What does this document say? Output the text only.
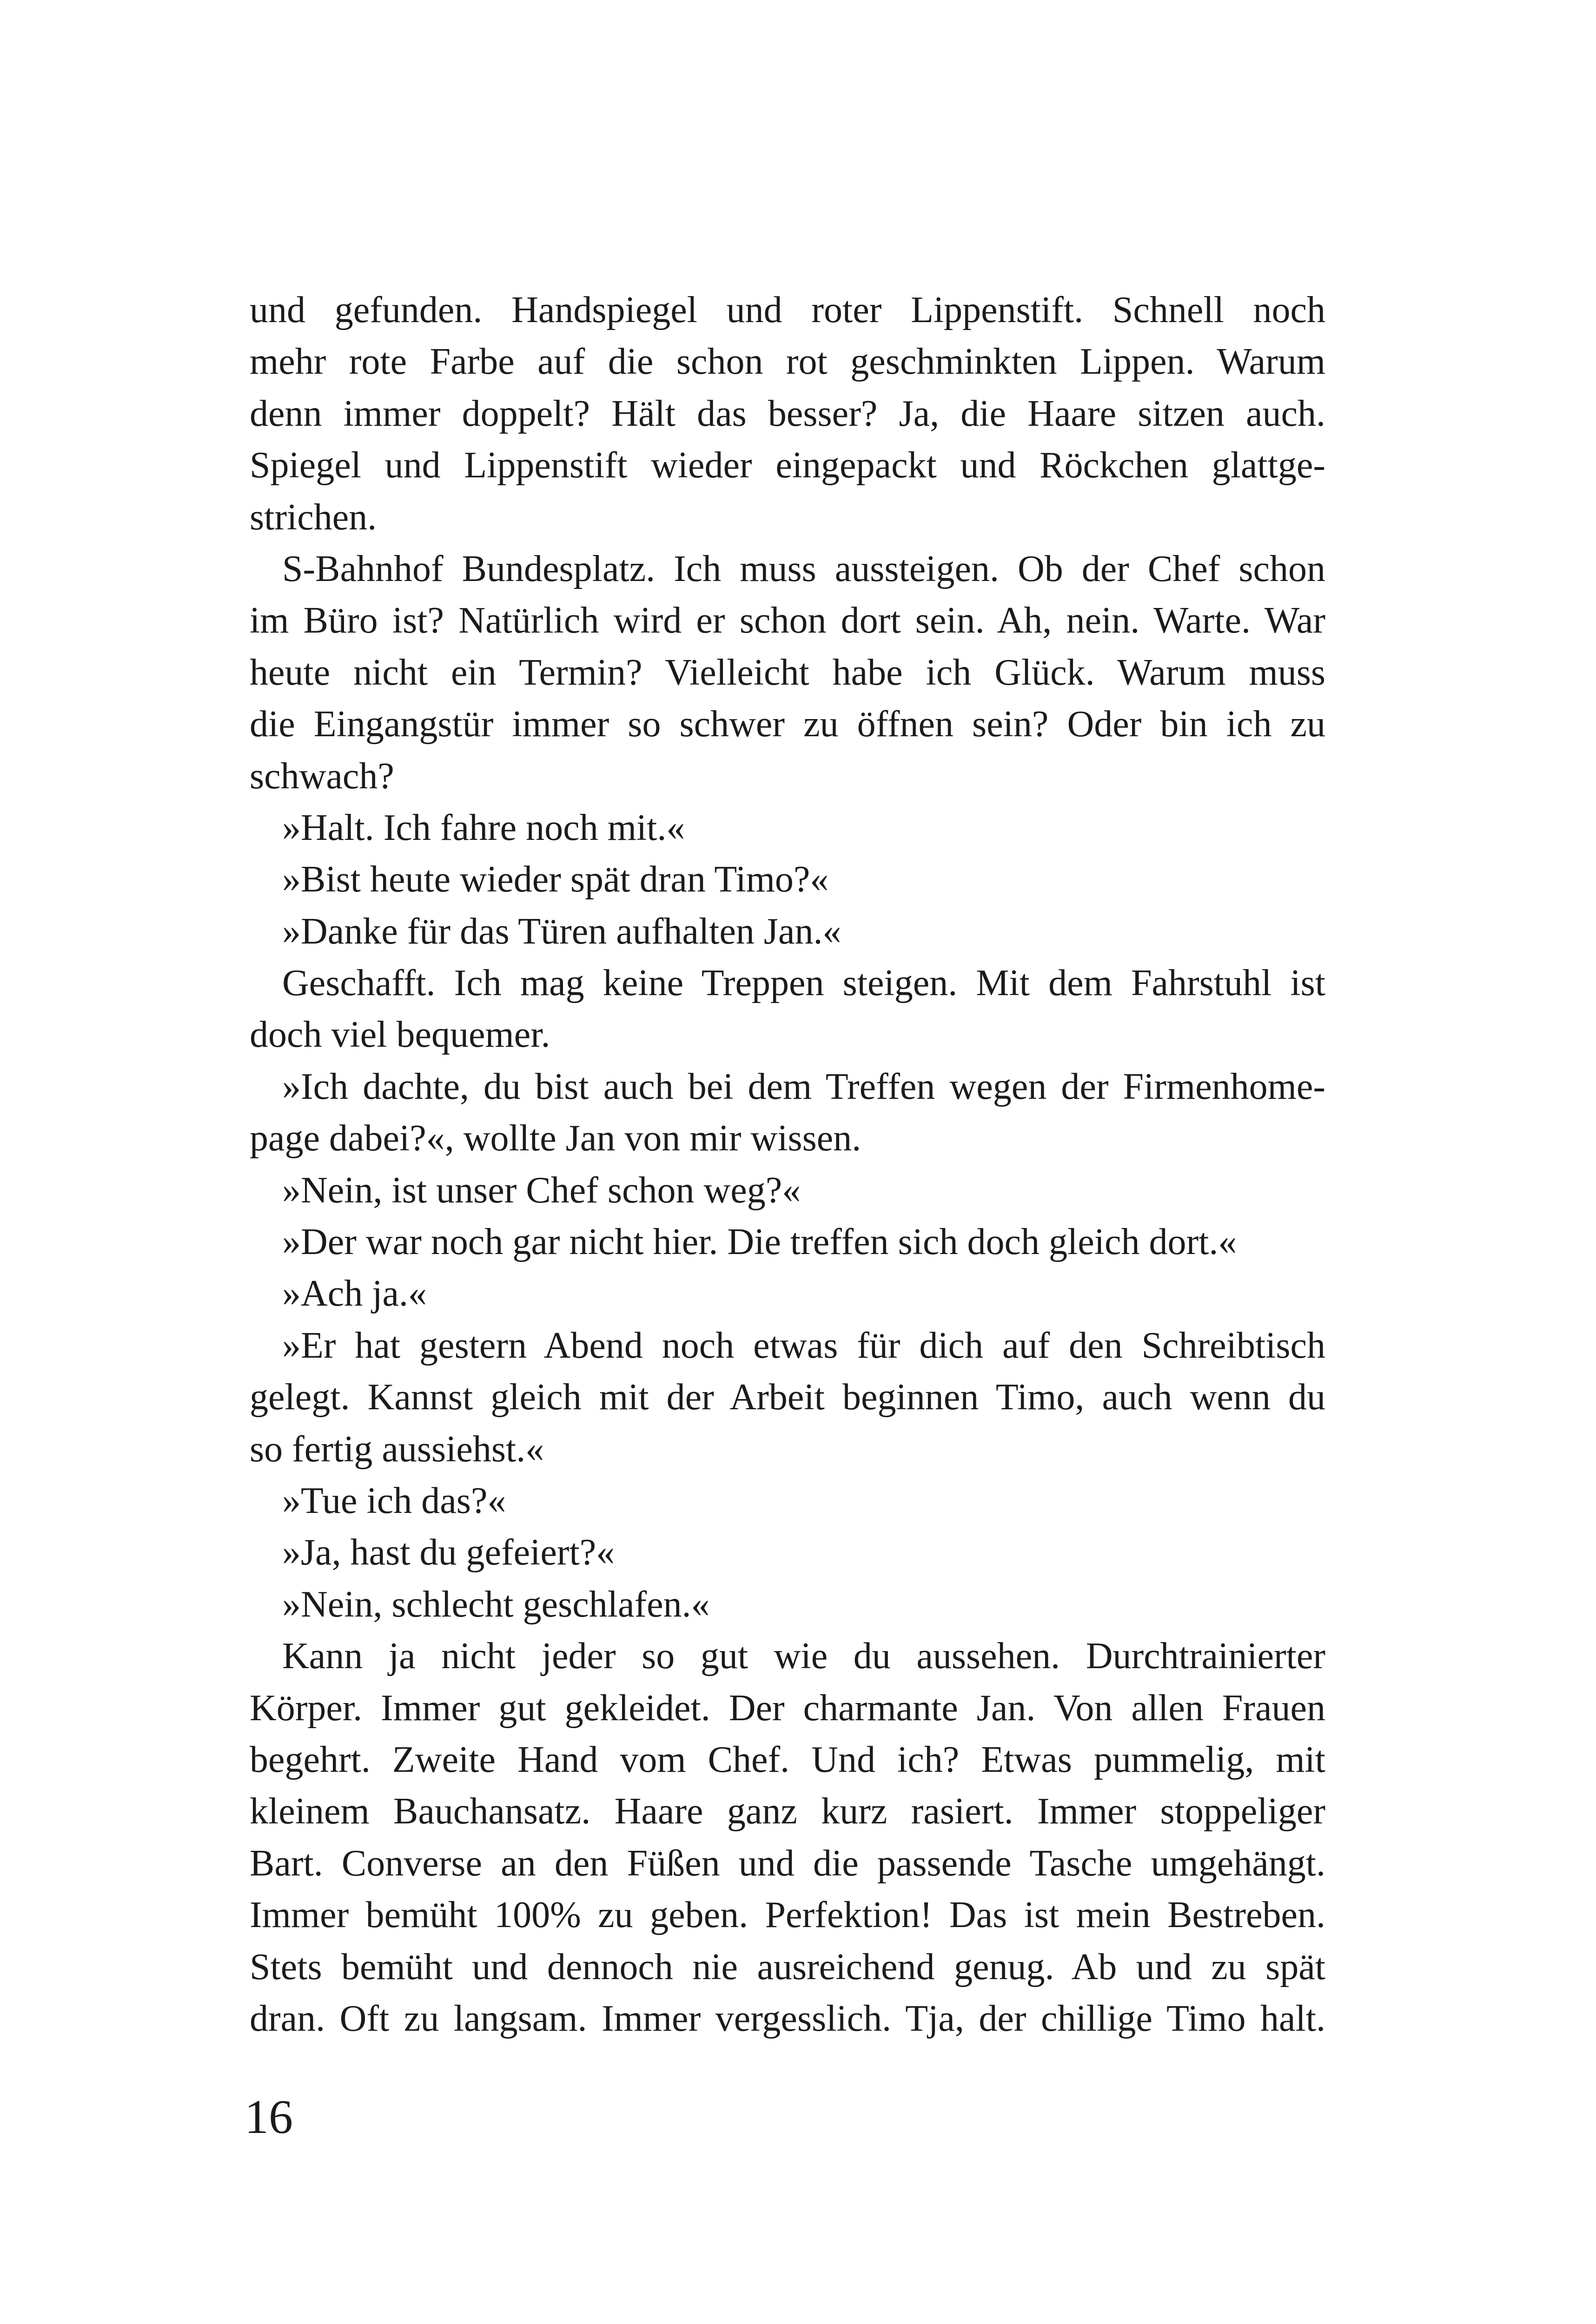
und gefunden. Handspiegel und roter Lippenstift. Schnell noch
mehr rote Farbe auf die schon rot geschminkten Lippen. Warum
denn immer doppelt? Hält das besser? Ja, die Haare sitzen auch.
Spiegel und Lippenstift wieder eingepackt und Röckchen glattge-
strichen.
S-Bahnhof Bundesplatz. Ich muss aussteigen. Ob der Chef schon
im Büro ist? Natürlich wird er schon dort sein. Ah, nein. Warte. War
heute nicht ein Termin? Vielleicht habe ich Glück. Warum muss
die Eingangstür immer so schwer zu öffnen sein? Oder bin ich zu
schwach?
»Halt. Ich fahre noch mit.«
»Bist heute wieder spät dran Timo?«
»Danke für das Türen aufhalten Jan.«
Geschafft. Ich mag keine Treppen steigen. Mit dem Fahrstuhl ist
doch viel bequemer.
»Ich dachte, du bist auch bei dem Treffen wegen der Firmenhome-
page dabei?«, wollte Jan von mir wissen.
»Nein, ist unser Chef schon weg?«
»Der war noch gar nicht hier. Die treffen sich doch gleich dort.«
»Ach ja.«
»Er hat gestern Abend noch etwas für dich auf den Schreibtisch
gelegt. Kannst gleich mit der Arbeit beginnen Timo, auch wenn du
so fertig aussiehst.«
»Tue ich das?«
»Ja, hast du gefeiert?«
»Nein, schlecht geschlafen.«
Kann ja nicht jeder so gut wie du aussehen. Durchtrainierter
Körper. Immer gut gekleidet. Der charmante Jan. Von allen Frauen
begehrt. Zweite Hand vom Chef. Und ich? Etwas pummelig, mit
kleinem Bauchansatz. Haare ganz kurz rasiert. Immer stoppeliger
Bart. Converse an den Füßen und die passende Tasche umgehängt.
Immer bemüht 100% zu geben. Perfektion! Das ist mein Bestreben.
Stets bemüht und dennoch nie ausreichend genug. Ab und zu spät
dran. Oft zu langsam. Immer vergesslich. Tja, der chillige Timo halt.
16
